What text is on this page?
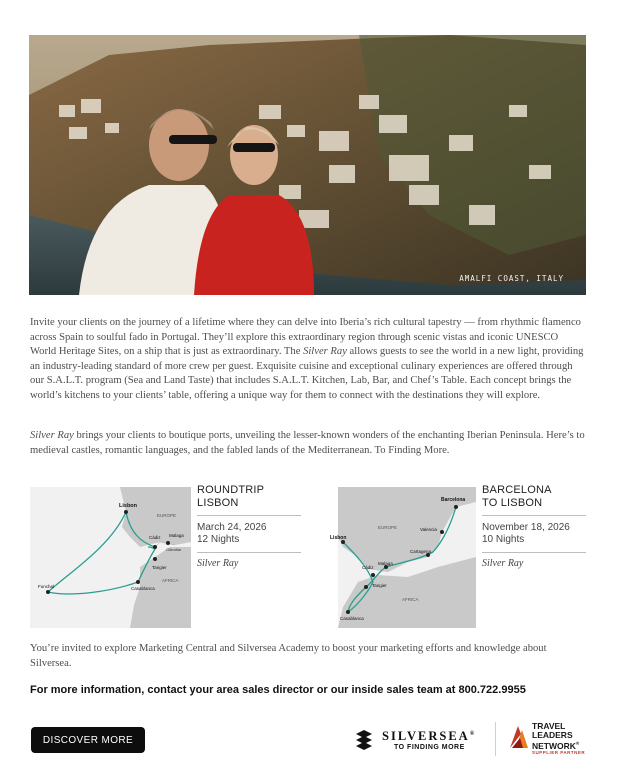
AMALFI COAST, ITALY

Invite your clients on the journey of a lifetime where they can delve into Iberia’s rich cultural tapestry — from rhythmic flamenco across Spain to soulful fado in Portugal. They’ll explore this extraordinary region through scenic vistas and iconic UNESCO World Heritage Sites, on a ship that is just as extraordinary. The Silver Ray allows guests to see the world in a new light, providing an industry-leading standard of more crew per guest. Exquisite cuisine and exceptional culinary experiences are offered through our S.A.L.T. program (Sea and Land Taste) that includes S.A.L.T. Kitchen, Lab, Bar, and Chef’s Table. Each concept brings the world’s kitchens to your clients’ table, offering a unique way for them to connect with the destinations they will explore.

Silver Ray brings your clients to boutique ports, unveiling the lesser-known wonders of the enchanting Iberian Peninsula. Here’s to medieval castles, romantic languages, and the fabled lands of the Mediterranean. To Finding More.

Lisbon
EUROPE
Cádiz Malaga
Gibraltar
Tangier
AFRICA
Casablanca
Funchal
ROUNDTRIP
LISBON
March 24, 2026
12 Nights
Silver Ray
Barcelona
EUROPE	Valencia
Lisbon
Cartagena
Cádiz
Malaga
Tangier
AFRICA
Casablanca
BARCELONA
TO LISBON
November 18, 2026
10 Nights
Silver Ray

You’re invited to explore Marketing Central and Silversea Academy to boost your marketing efforts and knowledge about Silversea.

For more information, contact your area sales director or our inside sales team at 800.722.9955
DISCOVER MORE	SILVERSEA®
TO FINDING MORE
TRAVEL
LEADERS
NETWORK®
SUPPLIER PARTNER
